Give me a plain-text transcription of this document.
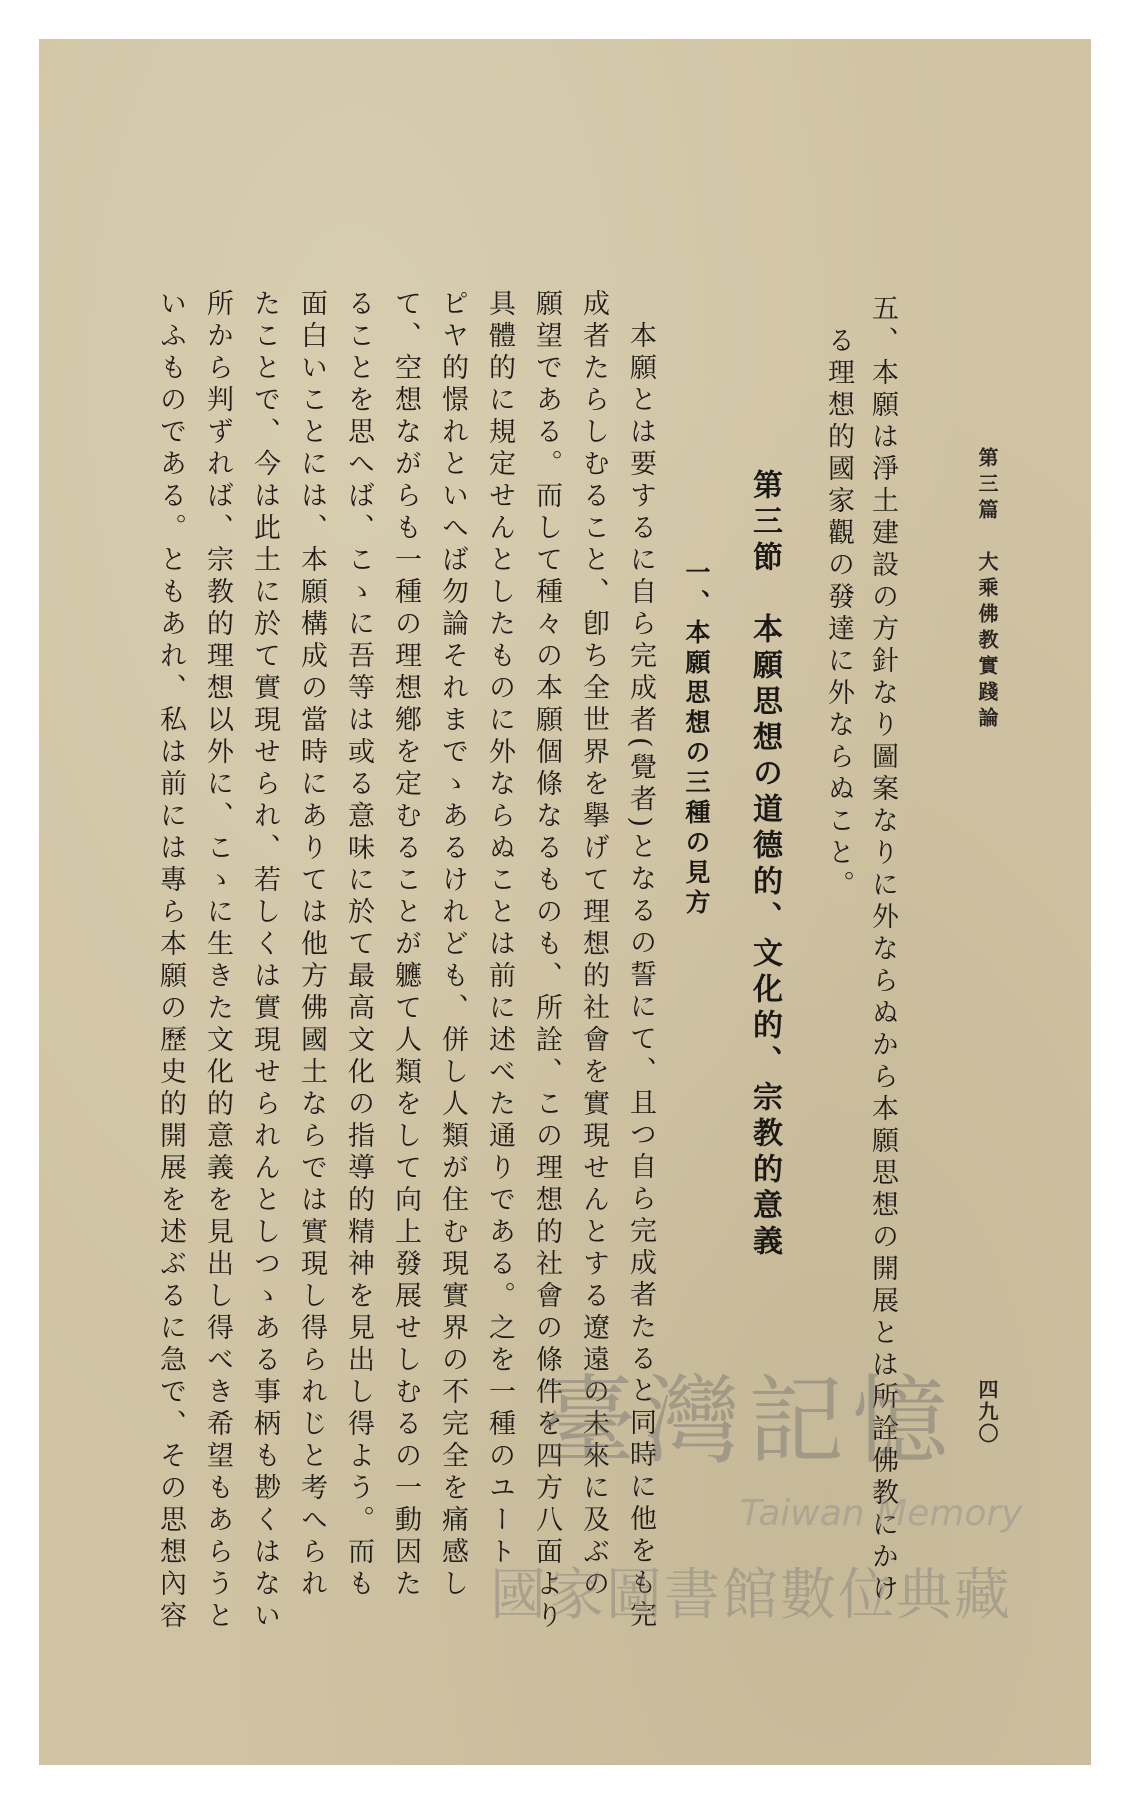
第三篇　大乘佛教實踐論
四九〇
五、本願は淨土建設の方針なり圖案なりに外ならぬから本願思想の開展とは所詮佛教にかけ
る理想的國家觀の發達に外ならぬこと。
第三節　本願思想の道德的、文化的、宗教的意義
一、本願思想の三種の見方
本願とは要するに自ら完成者(覺者)となるの誓にて、且つ自ら完成者たると同時に他をも完
成者たらしむること、卽ち全世界を擧げて理想的社會を實現せんとする遼遠の未來に及ぶの
願望である。而して種々の本願個條なるものも、所詮、この理想的社會の條件を四方八面より
具體的に規定せんとしたものに外ならぬことは前に述べた通りである。之を一種のユート
ピヤ的憬れといへば勿論それまでゝあるけれども、併し人類が住む現實界の不完全を痛感し
て、空想ながらも一種の理想鄕を定むることが軈て人類をして向上發展せしむるの一動因た
ることを思へば、こゝに吾等は或る意味に於て最高文化の指導的精神を見出し得よう。而も
面白いことには、本願構成の當時にありては他方佛國土ならでは實現し得られじと考へられ
たことで、今は此土に於て實現せられ、若しくは實現せられんとしつゝある事柄も尠くはない
所から判ずれば、宗教的理想以外に、こゝに生きた文化的意義を見出し得べき希望もあらうと
いふものである。ともあれ、私は前には專ら本願の歷史的開展を述ぶるに急で、その思想內容	臺灣記憶
Taiwan Memory
國家圖書館數位典藏
